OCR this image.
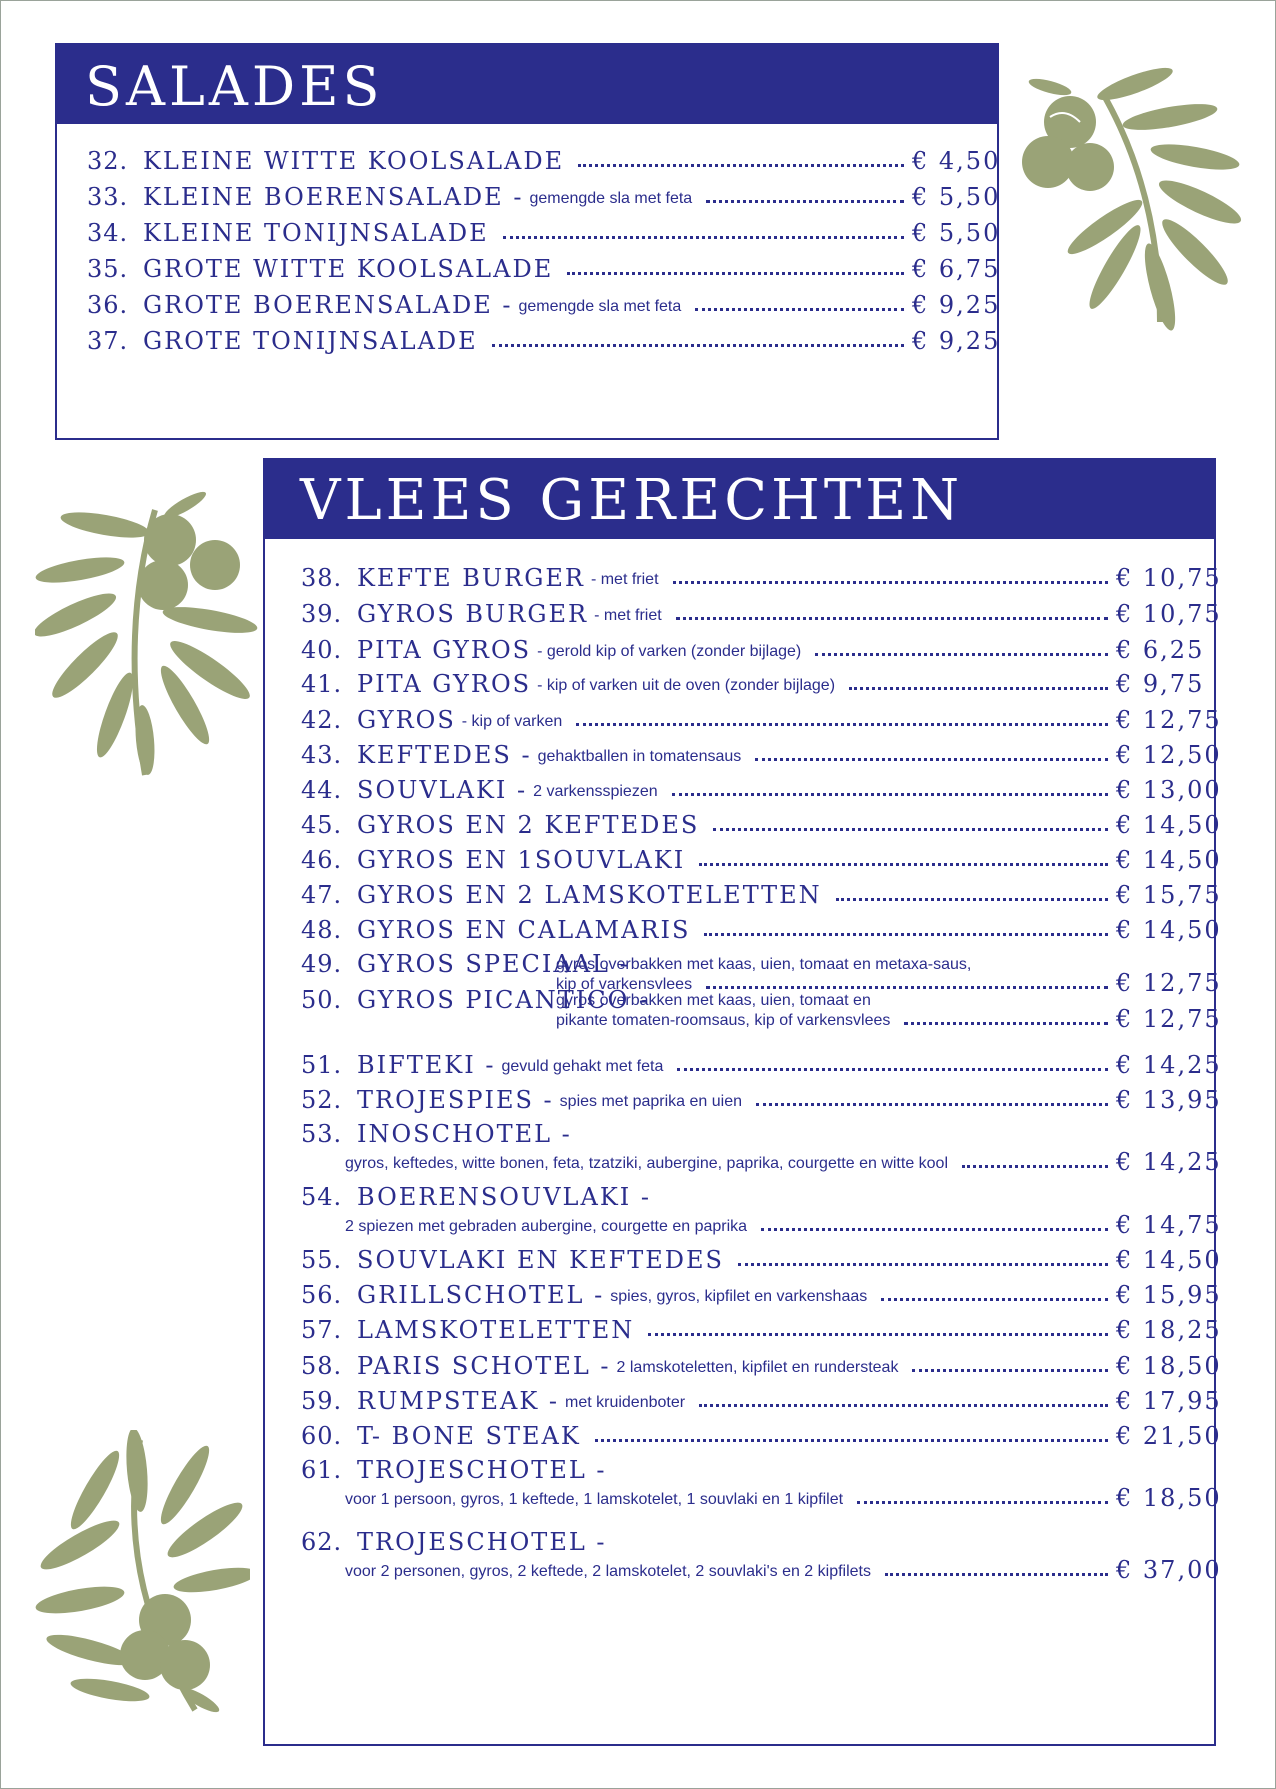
SALADES
32. KLEINE WITTE KOOLSALADE	€ 4,50
33. KLEINE BOERENSALADE - gemengde sla met feta	€ 5,50
34. KLEINE TONIJNSALADE	€ 5,50
35. GROTE WITTE KOOLSALADE	€ 6,75
36. GROTE BOERENSALADE - gemengde sla met feta	€ 9,25
37. GROTE TONIJNSALADE	€ 9,25
VLEES GERECHTEN
38. KEFTE BURGER - met friet	€ 10,75
39. GYROS BURGER - met friet	€ 10,75
40. PITA GYROS - gerold kip of varken (zonder bijlage)	€ 6,25
41. PITA GYROS - kip of varken uit de oven (zonder bijlage)	€ 9,75
42. GYROS - kip of varken	€ 12,75
43. KEFTEDES - gehaktballen in tomatensaus	€ 12,50
44. SOUVLAKI - 2 varkensspiezen	€ 13,00
45. GYROS EN 2 KEFTEDES	€ 14,50
46. GYROS EN 1SOUVLAKI	€ 14,50
47. GYROS EN 2 LAMSKOTELETTEN	€ 15,75
48. GYROS EN CALAMARIS	€ 14,50
49. GYROS SPECIAAL -
gyros overbakken met kaas, uien, tomaat en metaxa-saus,
kip of varkensvlees	€ 12,75
50. GYROS PICANTICO -
gyros overbakken met kaas, uien, tomaat en
pikante tomaten-roomsaus, kip of varkensvlees	€ 12,75
51. BIFTEKI - gevuld gehakt met feta	€ 14,25
52. TROJESPIES - spies met paprika en uien	€ 13,95
53. INOSCHOTEL -
gyros, keftedes, witte bonen, feta, tzatziki, aubergine, paprika, courgette en witte kool	€ 14,25
54. BOERENSOUVLAKI -
2 spiezen met gebraden aubergine, courgette en paprika	€ 14,75
55. SOUVLAKI EN KEFTEDES	€ 14,50
56. GRILLSCHOTEL - spies, gyros, kipfilet en varkenshaas	€ 15,95
57. LAMSKOTELETTEN	€ 18,25
58. PARIS SCHOTEL - 2 lamskoteletten, kipfilet en rundersteak	€ 18,50
59. RUMPSTEAK - met kruidenboter	€ 17,95
60. T- BONE STEAK	€ 21,50
61. TROJESCHOTEL -
voor 1 persoon, gyros, 1 keftede, 1 lamskotelet, 1 souvlaki en 1 kipfilet	€ 18,50
62. TROJESCHOTEL -
voor 2 personen, gyros, 2 keftede, 2 lamskotelet, 2 souvlaki's en 2 kipfilets	€ 37,00
